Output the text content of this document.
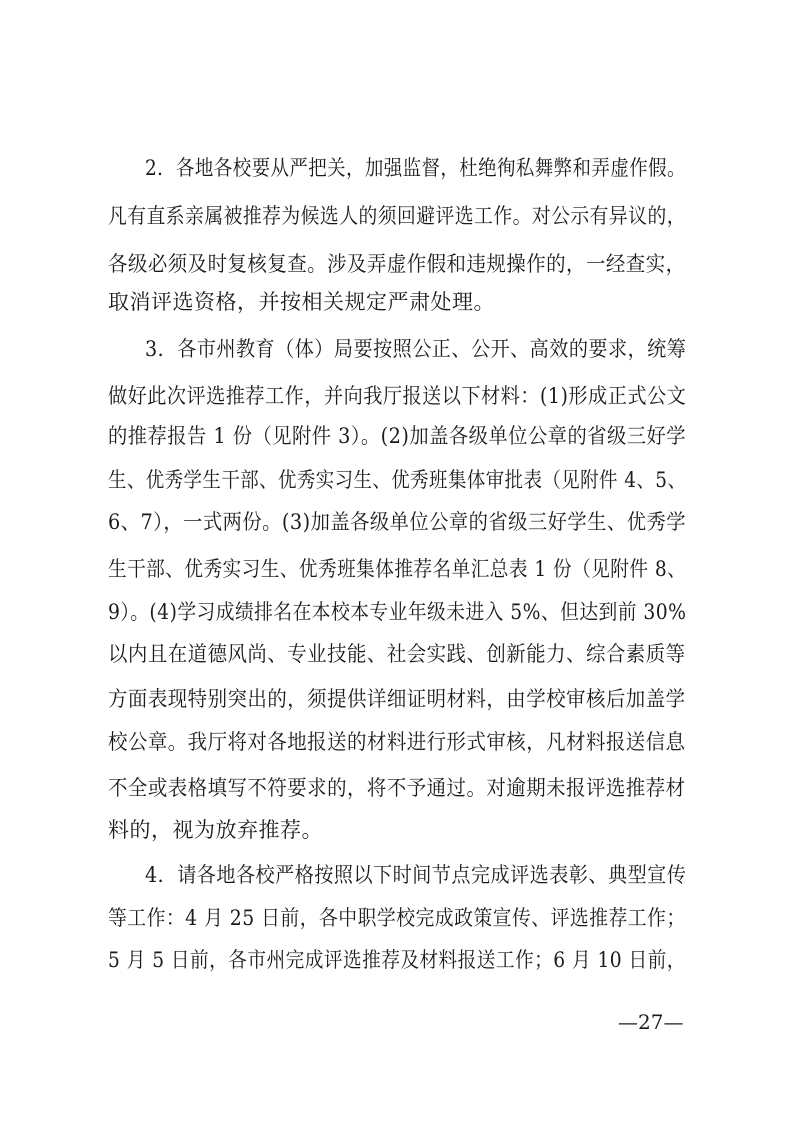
2．各地各校要从严把关，加强监督，杜绝徇私舞弊和弄虚作假。
凡有直系亲属被推荐为候选人的须回避评选工作。对公示有异议的，
各级必须及时复核复查。涉及弄虚作假和违规操作的，一经查实，
取消评选资格，并按相关规定严肃处理。
3．各市州教育（体）局要按照公正、公开、高效的要求，统筹
做好此次评选推荐工作，并向我厅报送以下材料：(1)形成正式公文
的推荐报告 1 份（见附件 3）。(2)加盖各级单位公章的省级三好学
生、优秀学生干部、优秀实习生、优秀班集体审批表（见附件 4、5、
6、7），一式两份。(3)加盖各级单位公章的省级三好学生、优秀学
生干部、优秀实习生、优秀班集体推荐名单汇总表 1 份（见附件 8、
9）。(4)学习成绩排名在本校本专业年级未进入 5%、但达到前 30%
以内且在道德风尚、专业技能、社会实践、创新能力、综合素质等
方面表现特别突出的，须提供详细证明材料，由学校审核后加盖学
校公章。我厅将对各地报送的材料进行形式审核，凡材料报送信息
不全或表格填写不符要求的，将不予通过。对逾期未报评选推荐材
料的，视为放弃推荐。
4．请各地各校严格按照以下时间节点完成评选表彰、典型宣传
等工作：4 月 25 日前，各中职学校完成政策宣传、评选推荐工作；
5 月 5 日前，各市州完成评选推荐及材料报送工作；6 月 10 日前，
—27—
